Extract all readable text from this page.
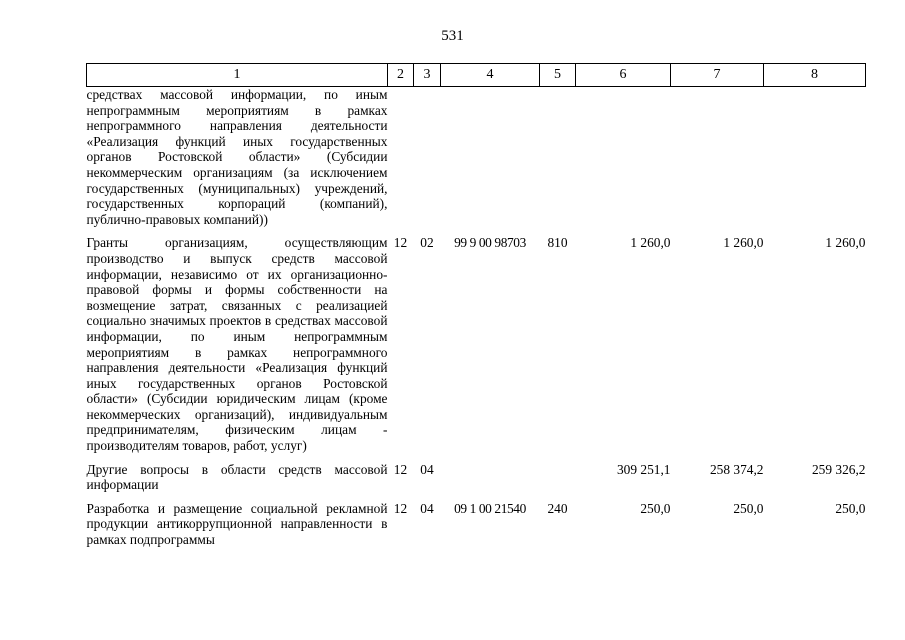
531
1	2	3	4	5	6	7	8
средствах массовой информации, по иным непрограммным мероприятиям в рамках непрограммного направления деятельности «Реализация функций иных государственных органов Ростовской области» (Субсидии некоммерческим организациям (за исключением государственных (муниципальных) учреждений, государственных корпораций (компаний), публично-правовых компаний))							
Гранты организациям, осуществляющим производство и выпуск средств массовой информации, независимо от их организационно-правовой формы и формы собственности на возмещение затрат, связанных с реализацией социально значимых проектов в средствах массовой информации, по иным непрограммным мероприятиям в рамках непрограммного направления деятельности «Реализация функций иных государственных органов Ростовской области» (Субсидии юридическим лицам (кроме некоммерческих организаций), индивидуальным предпринимателям, физическим лицам - производителям товаров, работ, услуг)	12	02	99 9 00 98703	810	1 260,0	1 260,0	1 260,0
Другие вопросы в области средств массовой информации	12	04			309 251,1	258 374,2	259 326,2
Разработка и размещение социальной рекламной продукции антикоррупционной направленности в рамках подпрограммы	12	04	09 1 00 21540	240	250,0	250,0	250,0
